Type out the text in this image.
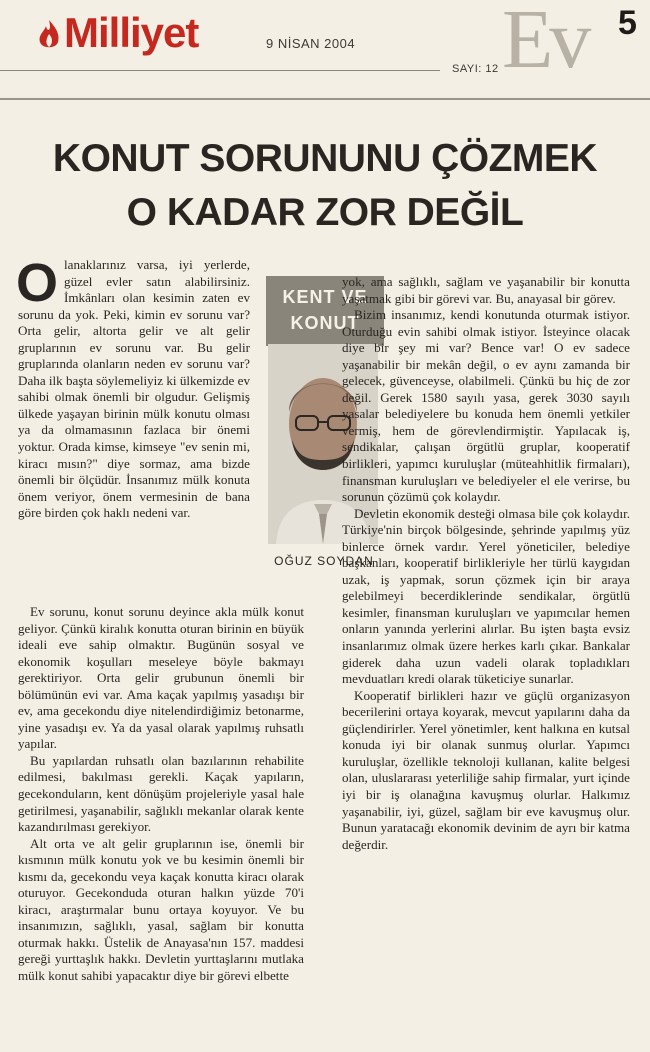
Milliyet	9 NİSAN 2004
SAYI: 12 Ev 5
KONUT SORUNUNU ÇÖZMEK
O KADAR ZOR DEĞİL

Olanaklarınız varsa, iyi yerlerde, güzel evler satın alabilirsiniz. İmkânları olan kesimin zaten ev sorunu da yok. Peki, kimin ev sorunu var? Orta gelir, altorta gelir ve alt gelir gruplarının ev sorunu var. Bu gelir gruplarında olanların neden ev sorunu var? Daha ilk başta söylemeliyiz ki ülkemizde ev sahibi olmak önemli bir olgudur. Gelişmiş ülkede yaşayan birinin mülk konutu olması ya da olmamasının fazlaca bir önemi yoktur. Orada kimse, kimseye "ev senin mi, kiracı mısın?" diye sormaz, ama bizde önemli bir ölçüdür. İnsanımız mülk konuta önem veriyor, önem vermesinin de bana göre birden çok haklı nedeni var.

KENT VE
KONUT
OĞUZ SOYDAN

Ev sorunu, konut sorunu deyince akla mülk konut geliyor. Çünkü kiralık konutta oturan birinin en büyük ideali eve sahip olmaktır. Bugünün sosyal ve ekonomik koşulları meseleye böyle bakmayı gerektiriyor. Orta gelir grubunun önemli bir bölümünün evi var. Ama kaçak yapılmış yasadışı bir ev, ama gecekondu diye nitelendirdiğimiz betonarme, yine yasadışı ev. Ya da yasal olarak yapılmış ruhsatlı yapılar.

Bu yapılardan ruhsatlı olan bazılarının rehabilite edilmesi, bakılması gerekli. Kaçak yapıların, gecekonduların, kent dönüşüm projeleriyle yasal hale getirilmesi, yaşanabilir, sağlıklı mekanlar olarak kente kazandırılması gerekiyor.

Alt orta ve alt gelir gruplarının ise, önemli bir kısmının mülk konutu yok ve bu kesimin önemli bir kısmı da, gecekondu veya kaçak konutta kiracı olarak oturuyor. Gecekonduda oturan halkın yüzde 70'i kiracı, araştırmalar bunu ortaya koyuyor. Ve bu insanımızın, sağlıklı, yasal, sağlam bir konutta oturmak hakkı. Üstelik de Anayasa'nın 157. maddesi gereği yurttaşlık hakkı. Devletin yurttaşlarını mutlaka mülk konut sahibi yapacaktır diye bir görevi elbette

yok, ama sağlıklı, sağlam ve yaşanabilir bir konutta yaşatmak gibi bir görevi var. Bu, anayasal bir görev.

Bizim insanımız, kendi konutunda oturmak istiyor. Oturduğu evin sahibi olmak istiyor. İsteyince olacak diye bir şey mi var? Bence var! O ev sadece yaşanabilir bir mekân değil, o ev aynı zamanda bir gelecek, güvenceyse, olabilmeli. Çünkü bu hiç de zor değil. Gerek 1580 sayılı yasa, gerek 3030 sayılı yasalar belediyelere bu konuda hem önemli yetkiler vermiş, hem de görevlendirmiştir. Yapılacak iş, sendikalar, çalışan örgütlü gruplar, kooperatif birlikleri, yapımcı kuruluşlar (müteahhitlik firmaları), finansman kuruluşları ve belediyeler el ele verirse, bu sorunun çözümü çok kolaydır.

Devletin ekonomik desteği olmasa bile çok kolaydır. Türkiye'nin birçok bölgesinde, şehrinde yapılmış yüz binlerce örnek vardır. Yerel yöneticiler, belediye başkanları, kooperatif birlikleriyle her türlü kaygıdan uzak, iş yapmak, sorun çözmek için bir araya gelebilmeyi becerdiklerinde sendikalar, örgütlü kesimler, finansman kuruluşları ve yapımcılar hemen onların yanında yerlerini alırlar. Bu işten başta evsiz insanlarımız olmak üzere herkes karlı çıkar. Bankalar giderek daha uzun vadeli olarak topladıkları mevduatları kredi olarak tüketiciye sunarlar.

Kooperatif birlikleri hazır ve güçlü organizasyon becerilerini ortaya koyarak, mevcut yapılarını daha da güçlendirirler. Yerel yönetimler, kent halkına en kutsal konuda iyi bir olanak sunmuş olurlar. Yapımcı kuruluşlar, özellikle teknoloji kullanan, kalite belgesi olan, uluslararası yeterliliğe sahip firmalar, yurt içinde iyi bir iş olanağına kavuşmuş olurlar. Halkımız yaşanabilir, iyi, güzel, sağlam bir eve kavuşmuş olur. Bunun yaratacağı ekonomik devinim de ayrı bir katma değerdir.
